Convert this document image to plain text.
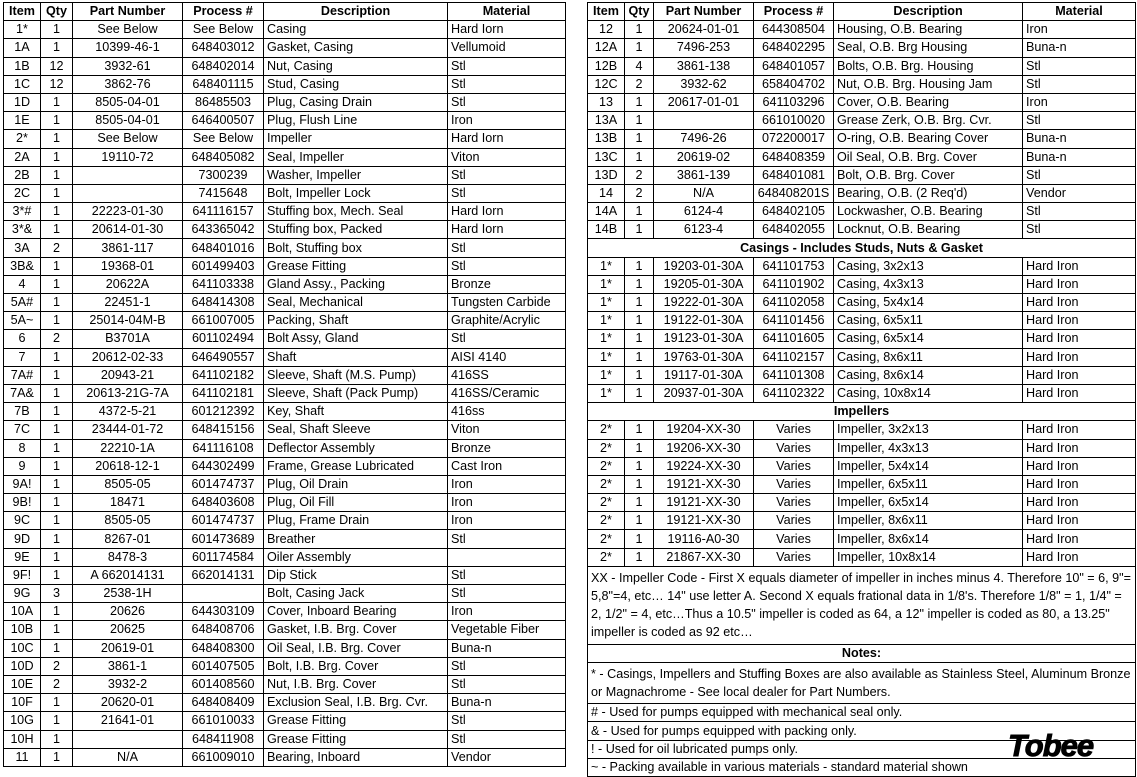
Item	Qty	Part Number	Process #	Description	Material
1*	1	See Below	See Below	Casing	Hard Iorn
1A	1	10399-46-1	648403012	Gasket, Casing	Vellumoid
1B	12	3932-61	648402014	Nut, Casing	Stl
1C	12	3862-76	648401115	Stud, Casing	Stl
1D	1	8505-04-01	86485503	Plug, Casing Drain	Stl
1E	1	8505-04-01	646400507	Plug, Flush Line	Iron
2*	1	See Below	See Below	Impeller	Hard Iorn
2A	1	19110-72	648405082	Seal, Impeller	Viton
2B	1		7300239	Washer, Impeller	Stl
2C	1		7415648	Bolt, Impeller Lock	Stl
3*#	1	22223-01-30	641116157	Stuffing box, Mech. Seal	Hard Iorn
3*&	1	20614-01-30	643365042	Stuffing box, Packed	Hard Iorn
3A	2	3861-117	648401016	Bolt, Stuffing box	Stl
3B&	1	19368-01	601499403	Grease Fitting	Stl
4	1	20622A	641103338	Gland Assy., Packing	Bronze
5A#	1	22451-1	648414308	Seal, Mechanical	Tungsten Carbide
5A~	1	25014-04M-B	661007005	Packing, Shaft	Graphite/Acrylic
6	2	B3701A	601102494	Bolt Assy, Gland	Stl
7	1	20612-02-33	646490557	Shaft	AISI 4140
7A#	1	20943-21	641102182	Sleeve, Shaft (M.S. Pump)	416SS
7A&	1	20613-21G-7A	641102181	Sleeve, Shaft (Pack Pump)	416SS/Ceramic
7B	1	4372-5-21	601212392	Key, Shaft	416ss
7C	1	23444-01-72	648415156	Seal, Shaft Sleeve	Viton
8	1	22210-1A	641116108	Deflector Assembly	Bronze
9	1	20618-12-1	644302499	Frame, Grease Lubricated	Cast Iron
9A!	1	8505-05	601474737	Plug, Oil Drain	Iron
9B!	1	18471	648403608	Plug, Oil Fill	Iron
9C	1	8505-05	601474737	Plug, Frame Drain	Iron
9D	1	8267-01	601473689	Breather	Stl
9E	1	8478-3	601174584	Oiler Assembly	
9F!	1	A 662014131	662014131	Dip Stick	Stl
9G	3	2538-1H		Bolt, Casing Jack	Stl
10A	1	20626	644303109	Cover, Inboard Bearing	Iron
10B	1	20625	648408706	Gasket, I.B. Brg. Cover	Vegetable Fiber
10C	1	20619-01	648408300	Oil Seal, I.B. Brg. Cover	Buna-n
10D	2	3861-1	601407505	Bolt, I.B. Brg. Cover	Stl
10E	2	3932-2	601408560	Nut, I.B. Brg. Cover	Stl
10F	1	20620-01	648408409	Exclusion Seal, I.B. Brg. Cvr.	Buna-n
10G	1	21641-01	661010033	Grease Fitting	Stl
10H	1		648411908	Grease Fitting	Stl
11	1	N/A	661009010	Bearing, Inboard	Vendor
Item	Qty	Part Number	Process #	Description	Material
12	1	20624-01-01	644308504	Housing, O.B. Bearing	Iron
12A	1	7496-253	648402295	Seal, O.B. Brg Housing	Buna-n
12B	4	3861-138	648401057	Bolts, O.B. Brg. Housing	Stl
12C	2	3932-62	658404702	Nut, O.B. Brg. Housing Jam	Stl
13	1	20617-01-01	641103296	Cover, O.B. Bearing	Iron
13A	1		661010020	Grease Zerk, O.B. Brg. Cvr.	Stl
13B	1	7496-26	072200017	O-ring, O.B. Bearing Cover	Buna-n
13C	1	20619-02	648408359	Oil Seal, O.B. Brg. Cover	Buna-n
13D	2	3861-139	648401081	Bolt, O.B. Brg. Cover	Stl
14	2	N/A	648408201S	Bearing, O.B. (2 Req'd)	Vendor
14A	1	6124-4	648402105	Lockwasher, O.B. Bearing	Stl
14B	1	6123-4	648402055	Locknut, O.B. Bearing	Stl
Casings - Includes Studs, Nuts & Gasket					
1*	1	19203-01-30A	641101753	Casing, 3x2x13	Hard Iron
1*	1	19205-01-30A	641101902	Casing, 4x3x13	Hard Iron
1*	1	19222-01-30A	641102058	Casing, 5x4x14	Hard Iron
1*	1	19122-01-30A	641101456	Casing, 6x5x11	Hard Iron
1*	1	19123-01-30A	641101605	Casing, 6x5x14	Hard Iron
1*	1	19763-01-30A	641102157	Casing, 8x6x11	Hard Iron
1*	1	19117-01-30A	641101308	Casing, 8x6x14	Hard Iron
1*	1	20937-01-30A	641102322	Casing, 10x8x14	Hard Iron
Impellers					
2*	1	19204-XX-30	Varies	Impeller, 3x2x13	Hard Iron
2*	1	19206-XX-30	Varies	Impeller, 4x3x13	Hard Iron
2*	1	19224-XX-30	Varies	Impeller, 5x4x14	Hard Iron
2*	1	19121-XX-30	Varies	Impeller, 6x5x11	Hard Iron
2*	1	19121-XX-30	Varies	Impeller, 6x5x14	Hard Iron
2*	1	19121-XX-30	Varies	Impeller, 8x6x11	Hard Iron
2*	1	19116-A0-30	Varies	Impeller, 8x6x14	Hard Iron
2*	1	21867-XX-30	Varies	Impeller, 10x8x14	Hard Iron
XX - Impeller Code - First X equals diameter of impeller in inches minus 4. Therefore 10" = 6, 9"= 5,8"=4, etc… 14" use letter A. Second X equals frational data in 1/8's. Therefore 1/8" = 1, 1/4" = 2, 1/2" = 4, etc…Thus a 10.5" impeller is coded as 64, a 12" impeller is coded as 80, a 13.25" impeller is coded as 92 etc…					
Notes:					
* - Casings, Impellers and Stuffing Boxes are also available as Stainless Steel, Aluminum Bronze or Magnachrome - See local dealer for Part Numbers.					
# - Used for pumps equipped with mechanical seal only.					
& - Used for pumps equipped with packing only.					
! - Used for oil lubricated pumps only.					
~ - Packing available in various materials - standard material shown					
Tobee
